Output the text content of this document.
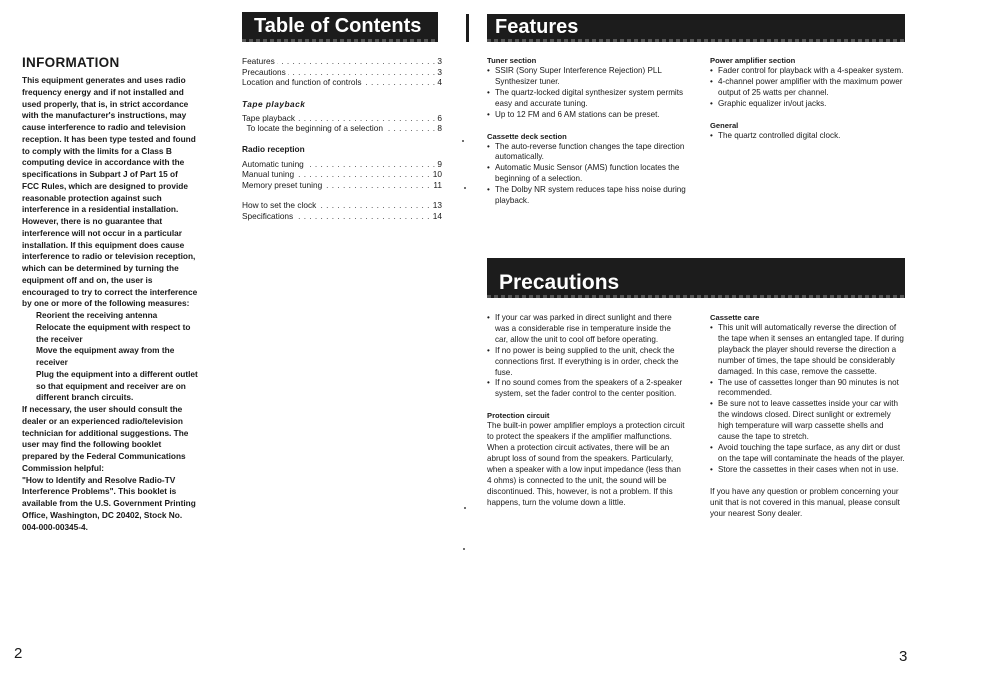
INFORMATION
This equipment generates and uses radio
frequency energy and if not installed and
used properly, that is, in strict accordance
with the manufacturer's instructions, may
cause interference to radio and television
reception. It has been type tested and found
to comply with the limits for a Class B
computing device in accordance with the
specifications in Subpart J of Part 15 of
FCC Rules, which are designed to provide
reasonable protection against such
interference in a residential installation.
However, there is no guarantee that
interference will not occur in a particular
installation. If this equipment does cause
interference to radio or television reception,
which can be determined by turning the
equipment off and on, the user is
encouraged to try to correct the interference
by one or more of the following measures:
Reorient the receiving antenna
Relocate the equipment with respect to
the receiver
Move the equipment away from the
receiver
Plug the equipment into a different outlet
so that equipment and receiver are on
different branch circuits.
If necessary, the user should consult the
dealer or an experienced radio/television
technician for additional suggestions. The
user may find the following booklet
prepared by the Federal Communications
Commission helpful:
"How to Identify and Resolve Radio-TV
Interference Problems". This booklet is
available from the U.S. Government Printing
Office, Washington, DC 20402, Stock No.
004-000-00345-4.
Table of Contents
. . . Features	3
. . . Precautions	3
. . . Location and function of controls	4
Tape playback
. . . Tape playback	6
. . .   To locate the beginning of a selection	8
Radio reception
. . . Automatic tuning	9
. . . Manual tuning	10
. . . Memory preset tuning	11
. . . How to set the clock	13
. . . Specifications	14
Features
Tuner section
• SSIR (Sony Super Interference Rejection) PLL Synthesizer tuner.
• The quartz-locked digital synthesizer system permits easy and accurate tuning.
• Up to 12 FM and 6 AM stations can be preset.
Cassette deck section
• The auto-reverse function changes the tape direction automatically.
• Automatic Music Sensor (AMS) function locates the beginning of a selection.
• The Dolby NR system reduces tape hiss noise during playback.
Power amplifier section
• Fader control for playback with a 4-speaker system.
• 4-channel power amplifier with the maximum power output of 25 watts per channel.
• Graphic equalizer in/out jacks.
General
• The quartz controlled digital clock.
Precautions
• If your car was parked in direct sunlight and there was a considerable rise in temperature inside the car, allow the unit to cool off before operating.
• If no power is being supplied to the unit, check the connections first. If everything is in order, check the fuse.
• If no sound comes from the speakers of a 2-speaker system, set the fader control to the center position.
Protection circuit
The built-in power amplifier employs a protection circuit to protect the speakers if the amplifier malfunctions. When a protection circuit activates, there will be an abrupt loss of sound from the speakers. Particularly, when a speaker with a low input impedance (less than 4 ohms) is connected to the unit, the sound will be discontinued. This, however, is not a problem. If this happens, turn the volume down a little.
Cassette care
• This unit will automatically reverse the direction of the tape when it senses an entangled tape. If during playback the player should reverse the direction a number of times, the tape should be considerably damaged. In this case, remove the cassette.
• The use of cassettes longer than 90 minutes is not recommended.
• Be sure not to leave cassettes inside your car with the windows closed. Direct sunlight or extremely high temperature will warp cassette shells and cause the tape to stretch.
• Avoid touching the tape surface, as any dirt or dust on the tape will contaminate the heads of the player.
• Store the cassettes in their cases when not in use.
If you have any question or problem concerning your unit that is not covered in this manual, please consult your nearest Sony dealer.
2	3
